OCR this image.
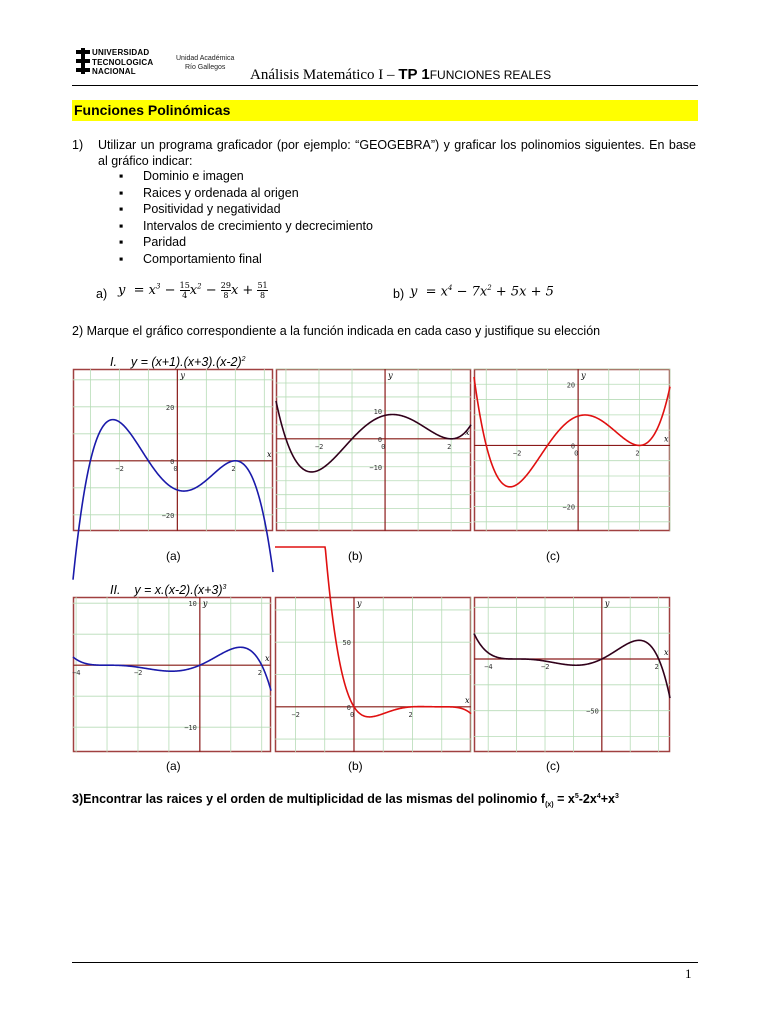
UNIVERSIDAD
TECNOLOGICA
NACIONAL
Unidad Académica
Río Gallegos	Análisis Matemático I – TP 1FUNCIONES REALES
Funciones Polinómicas
1) Utilizar un programa graficador (por ejemplo: “GEOGEBRA”) y graficar los polinomios siguientes. En base al gráfico indicar:
▪ Dominio e imagen
▪ Raices y ordenada al origen
▪ Positividad y negatividad
▪ Intervalos de crecimiento y decrecimiento
▪ Paridad
▪ Comportamiento final
a) $y = x^3 - \frac{15}{4} x^2 - \frac{29}{8}$ $x + \frac{51}{8}$	b) $y = x^4 - 7x^2 + 5x + 5$
2) Marque el gráfico correspondiente a la función indicada en cada caso y justifique su elección
I.    $y = (x+1).(x+3).(x-2)^2$
x
y
−2	0	2
20
0
−20
x
y
−2	0	2
10
0
−10
x
y
−2	0	2
20
0
−20
(a)	(b)	(c)
II.    $y = x.(x-2).(x+3)^3$
x
y
−4	−2	2
10
−10
x
y
−2	0	2
50
0
x
y
−4	−2	2
−50
(a)	(b)	(c)
3)Encontrar las raices y el orden de multiplicidad de las mismas del polinomio $f_{(x)} = x^5-2x^4+x^3$
1
